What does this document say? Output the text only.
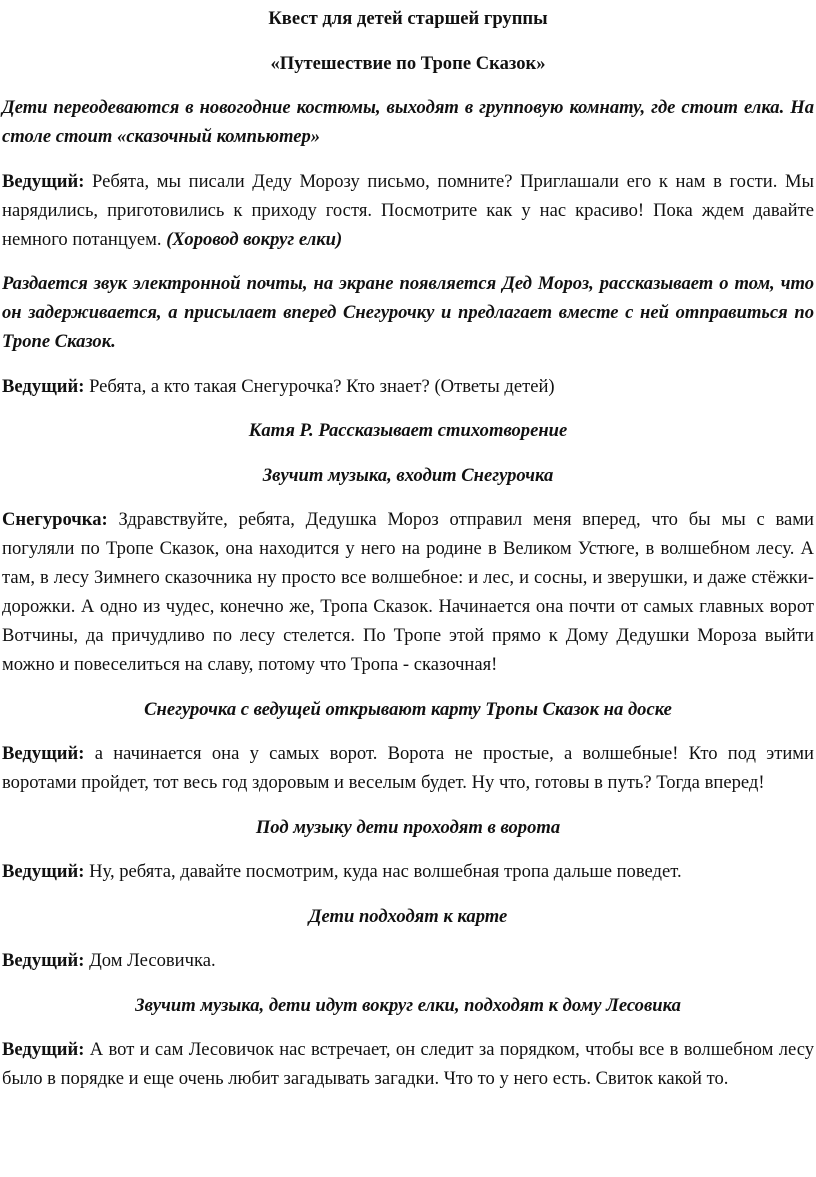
Квест для детей старшей группы

«Путешествие по Тропе Сказок»

Дети переодеваются в новогодние костюмы, выходят в групповую комнату, где стоит елка. На столе стоит «сказочный компьютер»

Ведущий: Ребята, мы писали Деду Морозу письмо, помните? Приглашали его к нам в гости. Мы нарядились, приготовились к приходу гостя. Посмотрите как у нас красиво! Пока ждем давайте немного потанцуем. (Хоровод вокруг елки)

Раздается звук электронной почты, на экране появляется Дед Мороз, рассказывает о том, что он задерживается, а присылает вперед Снегурочку и предлагает вместе с ней отправиться по Тропе Сказок.

Ведущий: Ребята, а кто такая Снегурочка? Кто знает? (Ответы детей)

Катя Р. Рассказывает стихотворение

Звучит музыка, входит Снегурочка

Снегурочка: Здравствуйте, ребята, Дедушка Мороз отправил меня вперед, что бы мы с вами погуляли по Тропе Сказок, она находится у него на родине в Великом Устюге, в волшебном лесу. А там, в лесу Зимнего сказочника ну просто все волшебное: и лес, и сосны, и зверушки, и даже стёжки-дорожки. А одно из чудес, конечно же, Тропа Сказок. Начинается она почти от самых главных ворот Вотчины, да причудливо по лесу стелется. По Тропе этой прямо к Дому Дедушки Мороза выйти можно и повеселиться на славу, потому что Тропа - сказочная!

Снегурочка с ведущей открывают карту Тропы Сказок на доске

Ведущий: а начинается она у самых ворот. Ворота не простые, а волшебные! Кто под этими воротами пройдет, тот весь год здоровым и веселым будет. Ну что, готовы в путь? Тогда вперед!

Под музыку дети проходят в ворота

Ведущий: Ну, ребята, давайте посмотрим, куда нас волшебная тропа дальше поведет.

Дети подходят к карте

Ведущий: Дом Лесовичка.

Звучит музыка, дети идут вокруг елки, подходят к дому Лесовика

Ведущий: А вот и сам Лесовичок нас встречает, он следит за порядком, чтобы все в волшебном лесу было в порядке и еще очень любит загадывать загадки. Что то у него есть. Свиток какой то.
